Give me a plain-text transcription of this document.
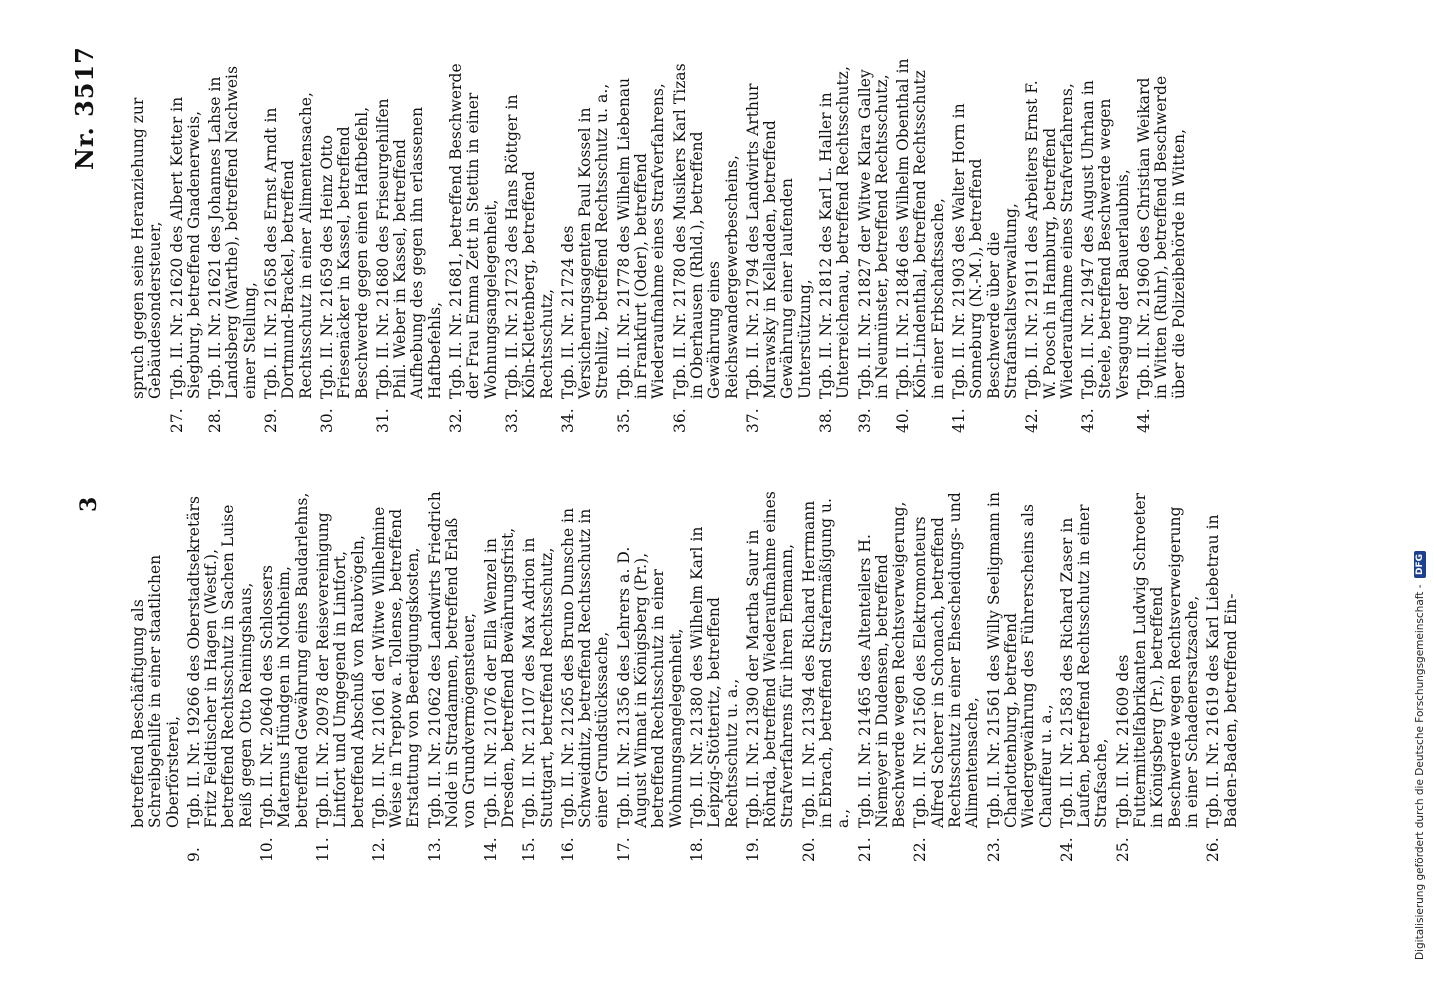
3
Nr. 3517
betreffend Beschäftigung als Schreibgehilfe in einer staatlichen Oberförsterei,
9.
Tgb. II. Nr. 19266 des Oberstadtsekretärs Fritz Feldtischer in Hagen (Westf.), betreffend Rechtsschutz in Sachen Luise Reiß gegen Otto Reiningshaus,
10.
Tgb. II. Nr. 20640 des Schlossers Maternus Hündgen in Nothheim, betreffend Gewährung eines Baudarlehns,
11.
Tgb. II. Nr. 20978 der Reisevereinigung Lintfort und Umgegend in Lintfort, betreffend Abschuß von Raubvögeln,
12.
Tgb. II. Nr. 21061 der Witwe Wilhelmine Weise in Treptow a. Tollense, betreffend Erstattung von Beerdigungskosten,
13.
Tgb. II. Nr. 21062 des Landwirts Friedrich Nolde in Stradamnen, betreffend Erlaß von Grundvermögensteuer,
14.
Tgb. II. Nr. 21076 der Ella Wenzel in Dresden, betreffend Bewährungsfrist,
15.
Tgb. II. Nr. 21107 des Max Adrion in Stuttgart, betreffend Rechtsschutz,
16.
Tgb. II. Nr. 21265 des Bruno Dunsche in Schweidnitz, betreffend Rechtsschutz in einer Grundstückssache,
17.
Tgb. II. Nr. 21356 des Lehrers a. D. August Winnat in Königsberg (Pr.), betreffend Rechtsschutz in einer Wohnungsangelegenheit,
18.
Tgb. II. Nr. 21380 des Wilhelm Karl in Leipzig-Stötteritz, betreffend Rechtsschutz u. a.,
19.
Tgb. II. Nr. 21390 der Martha Saur in Röhrda, betreffend Wiederaufnahme eines Strafverfahrens für ihren Ehemann,
20.
Tgb. II. Nr. 21394 des Richard Herrmann in Ebrach, betreffend Strafermäßigung u. a.,
21.
Tgb. II. Nr. 21465 des Altenteilers H. Niemeyer in Dudensen, betreffend Beschwerde wegen Rechtsverweigerung,
22.
Tgb. II. Nr. 21560 des Elektromonteurs Alfred Scherer in Schonach, betreffend Rechtsschutz in einer Ehescheidungs- und Alimentensache,
23.
Tgb. II. Nr. 21561 des Willy Seeligmann in Charlottenburg, betreffend Wiedergewährung des Führerscheins als Chauffeur u. a.,
24.
Tgb. II. Nr. 21583 des Richard Zaser in Laufen, betreffend Rechtsschutz in einer Strafsache,
25.
Tgb. II. Nr. 21609 des Futtermittelfabrikanten Ludwig Schroeter in Königsberg (Pr.), betreffend Beschwerde wegen Rechtsverweigerung in einer Schadenersatzsache,
26.
Tgb. II. Nr. 21619 des Karl Liebetrau in Baden-Baden, betreffend Ein-
spruch gegen seine Heranziehung zur Gebäudesondersteuer,
27.
Tgb. II. Nr. 21620 des Albert Ketter in Siegburg, betreffend Gnadenerweis,
28.
Tgb. II. Nr. 21621 des Johannes Lahse in Landsberg (Warthe), betreffend Nachweis einer Stellung,
29.
Tgb. II. Nr. 21658 des Ernst Arndt in Dortmund-Brackel, betreffend Rechtsschutz in einer Alimentensache,
30.
Tgb. II. Nr. 21659 des Heinz Otto Friesenäcker in Kassel, betreffend Beschwerde gegen einen Haftbefehl,
31.
Tgb. II. Nr. 21680 des Friseurgehilfen Phil. Weber in Kassel, betreffend Aufhebung des gegen ihn erlassenen Haftbefehls,
32.
Tgb. II. Nr. 21681, betreffend Beschwerde der Frau Emma Zett in Stettin in einer Wohnungsangelegenheit,
33.
Tgb. II. Nr. 21723 des Hans Röttger in Köln-Klettenberg, betreffend Rechtsschutz,
34.
Tgb. II. Nr. 21724 des Versicherungsagenten Paul Kossel in Strehlitz, betreffend Rechtsschutz u. a.,
35.
Tgb. II. Nr. 21778 des Wilhelm Liebenau in Frankfurt (Oder), betreffend Wiederaufnahme eines Strafverfahrens,
36.
Tgb. II. Nr. 21780 des Musikers Karl Tizas in Oberhausen (Rhld.), betreffend Gewährung eines Reichswandergewerbescheins,
37.
Tgb. II. Nr. 21794 des Landwirts Arthur Murawsky in Kelladden, betreffend Gewährung einer laufenden Unterstützung,
38.
Tgb. II. Nr. 21812 des Karl L. Haller in Unterreichenau, betreffend Rechtsschutz,
39.
Tgb. II. Nr. 21827 der Witwe Klara Galley in Neumünster, betreffend Rechtsschutz,
40.
Tgb. II. Nr. 21846 des Wilhelm Obenthal in Köln-Lindenthal, betreffend Rechtsschutz in einer Erbschaftssache,
41.
Tgb. II. Nr. 21903 des Walter Horn in Sonneburg (N.-M.), betreffend Beschwerde über die Strafanstaltsverwaltung,
42.
Tgb. II. Nr. 21911 des Arbeiters Ernst F. W. Poosch in Hamburg, betreffend Wiederaufnahme eines Strafverfahrens,
43.
Tgb. II. Nr. 21947 des August Uhrhan in Steele, betreffend Beschwerde wegen Versagung der Bauerlaubnis,
44.
Tgb. II. Nr. 21960 des Christian Weikard in Witten (Ruhr), betreffend Beschwerde über die Polizeibehörde in Witten,
Digitalisierung gefördert durch die Deutsche Forschungsgemeinschaft -
DFG
